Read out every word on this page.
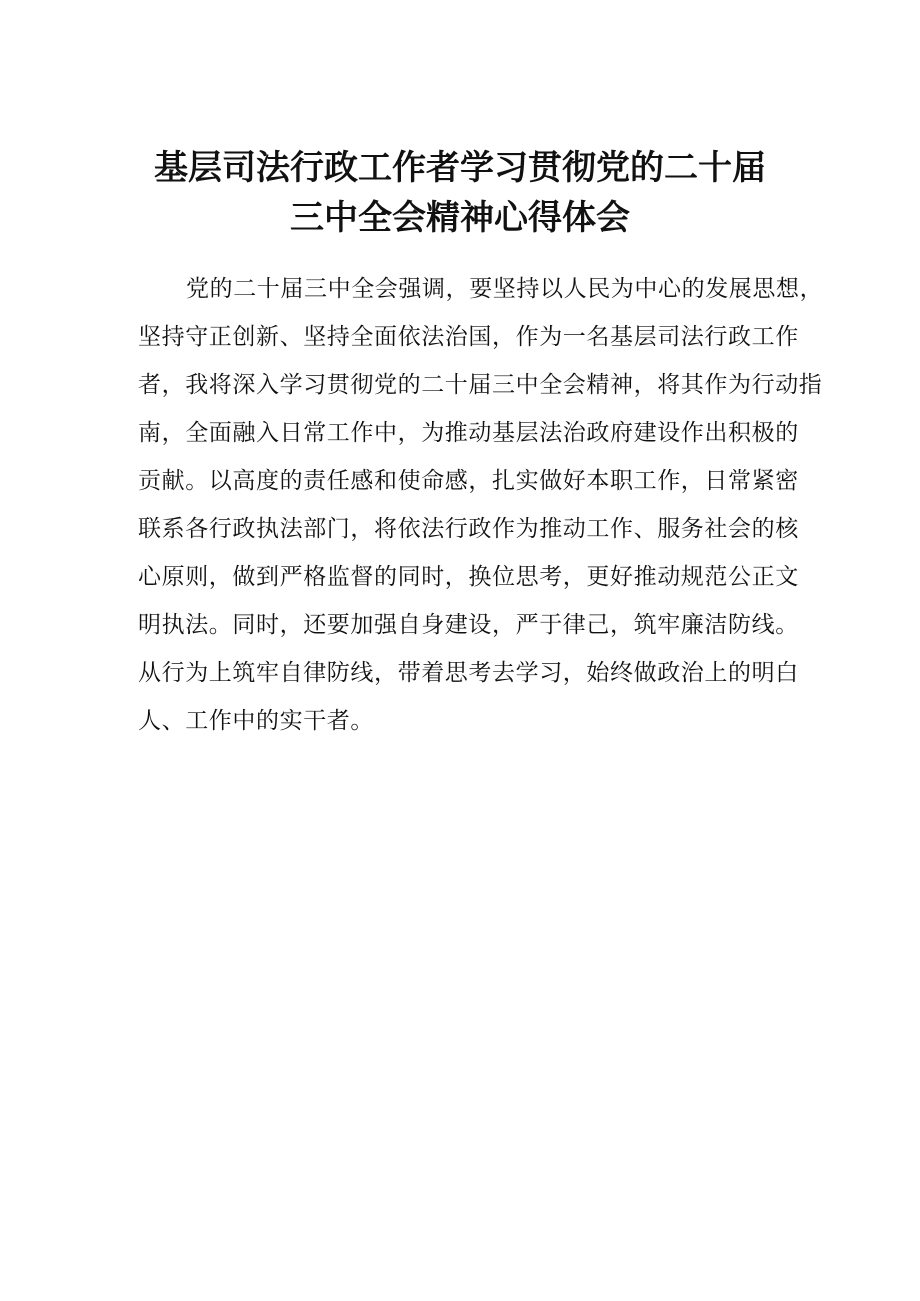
基层司法行政工作者学习贯彻党的二十届
三中全会精神心得体会

党的二十届三中全会强调，要坚持以人民为中心的发展思想，

坚持守正创新、坚持全面依法治国，作为一名基层司法行政工作

者，我将深入学习贯彻党的二十届三中全会精神，将其作为行动指

南，全面融入日常工作中，为推动基层法治政府建设作出积极的

贡献。以高度的责任感和使命感，扎实做好本职工作，日常紧密

联系各行政执法部门，将依法行政作为推动工作、服务社会的核

心原则，做到严格监督的同时，换位思考，更好推动规范公正文

明执法。同时，还要加强自身建设，严于律己，筑牢廉洁防线。

从行为上筑牢自律防线，带着思考去学习，始终做政治上的明白

人、工作中的实干者。
